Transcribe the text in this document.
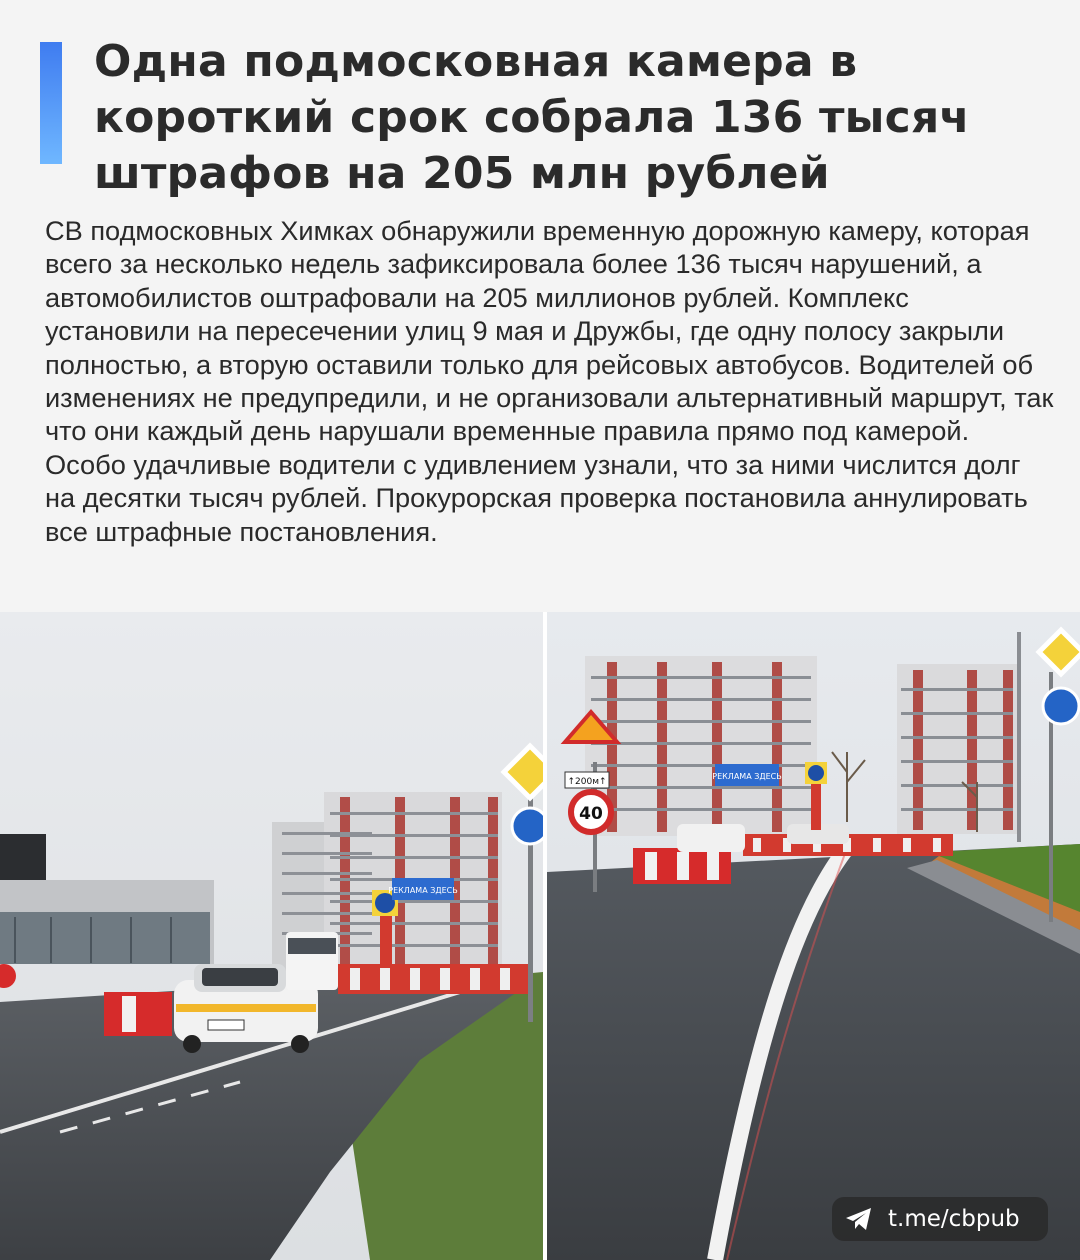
Одна подмосковная камера в короткий срок собрала 136 тысяч штрафов на 205 млн рублей

СВ подмосковных Химках обнаружили временную дорожную камеру, которая всего за несколько недель зафиксировала более 136 тысяч нарушений, а автомобилистов оштрафовали на 205 миллионов рублей. Комплекс установили на пересечении улиц 9 мая и Дружбы, где одну полосу закрыли полностью, а вторую оставили только для рейсовых автобусов. Водителей об изменениях не предупредили, и не организовали альтернативный маршрут, так что они каждый день нарушали временные правила прямо под камерой. Особо удачливые водители с удивлением узнали, что за ними числится долг на десятки тысяч рублей. Прокурорская проверка постановила аннулировать все штрафные постановления.

РЕКЛАМА ЗДЕСЬ
↑200м↑
40
РЕКЛАМА ЗДЕСЬ
t.me/cbpub
